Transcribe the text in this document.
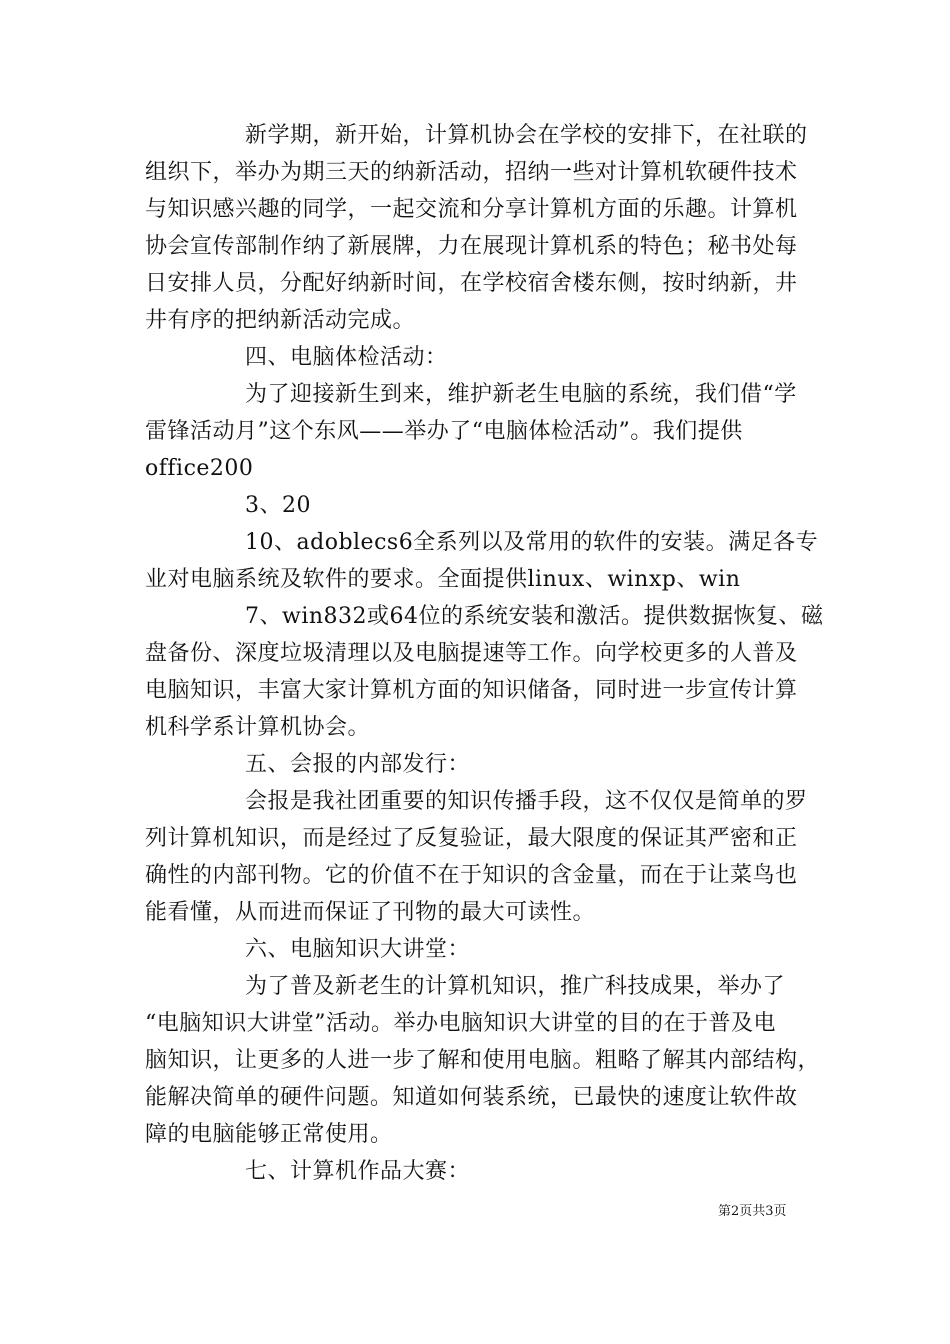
新学期，新开始，计算机协会在学校的安排下，在社联的
组织下，举办为期三天的纳新活动，招纳一些对计算机软硬件技术
与知识感兴趣的同学，一起交流和分享计算机方面的乐趣。计算机
协会宣传部制作纳了新展牌，力在展现计算机系的特色；秘书处每
日安排人员，分配好纳新时间，在学校宿舍楼东侧，按时纳新，井
井有序的把纳新活动完成。
四、电脑体检活动：
为了迎接新生到来，维护新老生电脑的系统，我们借“学
雷锋活动月”这个东风——举办了“电脑体检活动”。我们提供
office200
3、20
10、adoblecs6全系列以及常用的软件的安装。满足各专
业对电脑系统及软件的要求。全面提供linux、winxp、win
7、win832或64位的系统安装和激活。提供数据恢复、磁
盘备份、深度垃圾清理以及电脑提速等工作。向学校更多的人普及
电脑知识，丰富大家计算机方面的知识储备，同时进一步宣传计算
机科学系计算机协会。
五、会报的内部发行：
会报是我社团重要的知识传播手段，这不仅仅是简单的罗
列计算机知识，而是经过了反复验证，最大限度的保证其严密和正
确性的内部刊物。它的价值不在于知识的含金量，而在于让菜鸟也
能看懂，从而进而保证了刊物的最大可读性。
六、电脑知识大讲堂：
为了普及新老生的计算机知识，推广科技成果，举办了
“电脑知识大讲堂”活动。举办电脑知识大讲堂的目的在于普及电
脑知识，让更多的人进一步了解和使用电脑。粗略了解其内部结构，
能解决简单的硬件问题。知道如何装系统，已最快的速度让软件故
障的电脑能够正常使用。
七、计算机作品大赛：
第2页共3页
